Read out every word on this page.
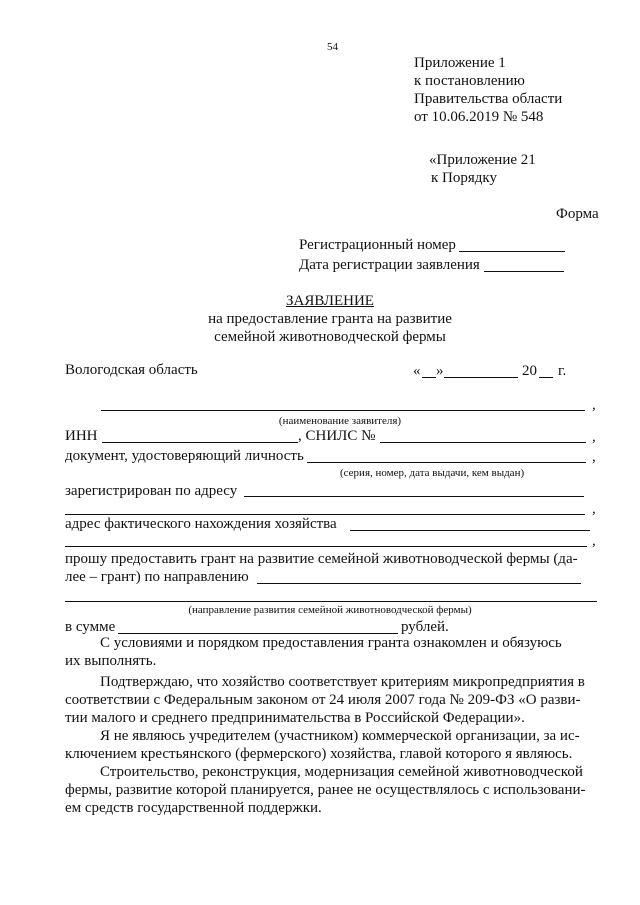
54
Приложение 1
к постановлению
Правительства области
от 10.06.2019 № 548
«Приложение 21
к Порядку
Форма
Регистрационный номер
Дата регистрации заявления
ЗАЯВЛЕНИЕ
на предоставление гранта на развитие
семейной животноводческой фермы
Вологодская область	« »	20 г.
,
(наименование заявителя)
ИНН	, СНИЛС №	,
документ, удостоверяющий личность	,
(серия, номер, дата выдачи, кем выдан)
зарегистрирован по адресу
,
адрес фактического нахождения хозяйства
,
прошу предоставить грант на развитие семейной животноводческой фермы (да-
лее – грант) по направлению
(направление развития семейной животноводческой фермы)
в сумме	рублей.
С условиями и порядком предоставления гранта ознакомлен и обязуюсь
их выполнять.
Подтверждаю, что хозяйство соответствует критериям микропредприятия в
соответствии с Федеральным законом от 24 июля 2007 года № 209-ФЗ «О разви-
тии малого и среднего предпринимательства в Российской Федерации».
Я не являюсь учредителем (участником) коммерческой организации, за ис-
ключением крестьянского (фермерского) хозяйства, главой которого я являюсь.
Строительство, реконструкция, модернизация семейной животноводческой
фермы, развитие которой планируется, ранее не осуществлялось с использовани-
ем средств государственной поддержки.
